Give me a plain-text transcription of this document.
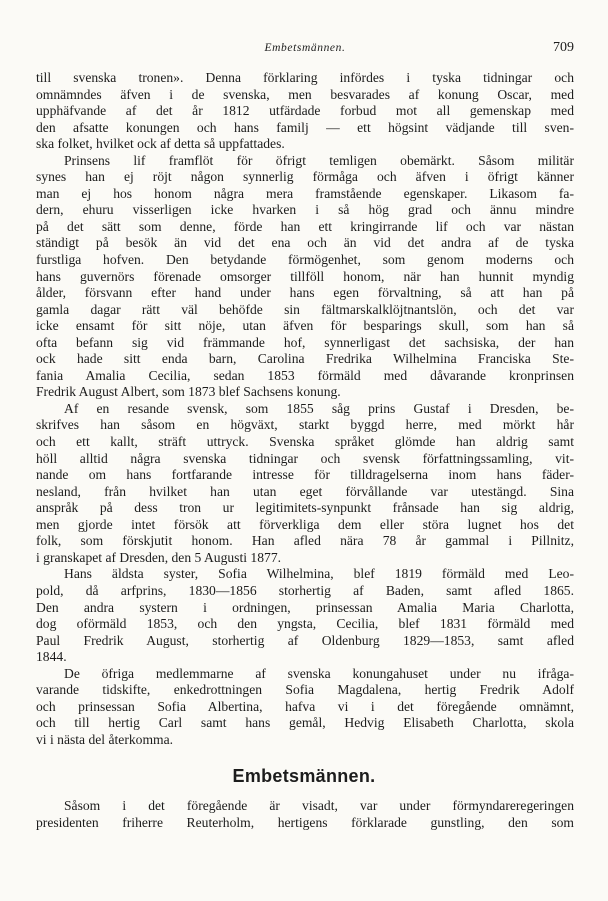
Embetsmännen.	709
till svenska tronen». Denna förklaring infördes i tyska tidningar och
omnämndes äfven i de svenska, men besvarades af konung Oscar, med
upphäfvande af det år 1812 utfärdade forbud mot all gemenskap med
den afsatte konungen och hans familj — ett högsint vädjande till sven-
ska folket, hvilket ock af detta så uppfattades.
Prinsens lif framflöt för öfrigt temligen obemärkt. Såsom militär
synes han ej röjt någon synnerlig förmåga och äfven i öfrigt känner
man ej hos honom några mera framstående egenskaper. Likasom fa-
dern, ehuru visserligen icke hvarken i så hög grad och ännu mindre
på det sätt som denne, förde han ett kringirrande lif och var nästan
ständigt på besök än vid det ena och än vid det andra af de tyska
furstliga hofven. Den betydande förmögenhet, som genom moderns och
hans guvernörs förenade omsorger tillföll honom, när han hunnit myndig
ålder, försvann efter hand under hans egen förvaltning, så att han på
gamla dagar rätt väl behöfde sin fältmarskalklöjtnantslön, och det var
icke ensamt för sitt nöje, utan äfven för besparings skull, som han så
ofta befann sig vid främmande hof, synnerligast det sachsiska, der han
ock hade sitt enda barn, Carolina Fredrika Wilhelmina Franciska Ste-
fania Amalia Cecilia, sedan 1853 förmäld med dåvarande kronprinsen
Fredrik August Albert, som 1873 blef Sachsens konung.
Af en resande svensk, som 1855 såg prins Gustaf i Dresden, be-
skrifves han såsom en högväxt, starkt byggd herre, med mörkt hår
och ett kallt, sträft uttryck. Svenska språket glömde han aldrig samt
höll alltid några svenska tidningar och svensk författningssamling, vit-
nande om hans fortfarande intresse för tilldragelserna inom hans fäder-
nesland, från hvilket han utan eget förvållande var utestängd. Sina
anspråk på dess tron ur legitimitets-synpunkt frånsade han sig aldrig,
men gjorde intet försök att förverkliga dem eller störa lugnet hos det
folk, som förskjutit honom. Han afled nära 78 år gammal i Pillnitz,
i granskapet af Dresden, den 5 Augusti 1877.
Hans äldsta syster, Sofia Wilhelmina, blef 1819 förmäld med Leo-
pold, då arfprins, 1830—1856 storhertig af Baden, samt afled 1865.
Den andra systern i ordningen, prinsessan Amalia Maria Charlotta,
dog oförmäld 1853, och den yngsta, Cecilia, blef 1831 förmäld med
Paul Fredrik August, storhertig af Oldenburg 1829—1853, samt afled
1844.
De öfriga medlemmarne af svenska konungahuset under nu ifråga-
varande tidskifte, enkedrottningen Sofia Magdalena, hertig Fredrik Adolf
och prinsessan Sofia Albertina, hafva vi i det föregående omnämnt,
och till hertig Carl samt hans gemål, Hedvig Elisabeth Charlotta, skola
vi i nästa del återkomma.
Embetsmännen.
Såsom i det föregående är visadt, var under förmyndareregeringen
presidenten friherre Reuterholm, hertigens förklarade gunstling, den som
